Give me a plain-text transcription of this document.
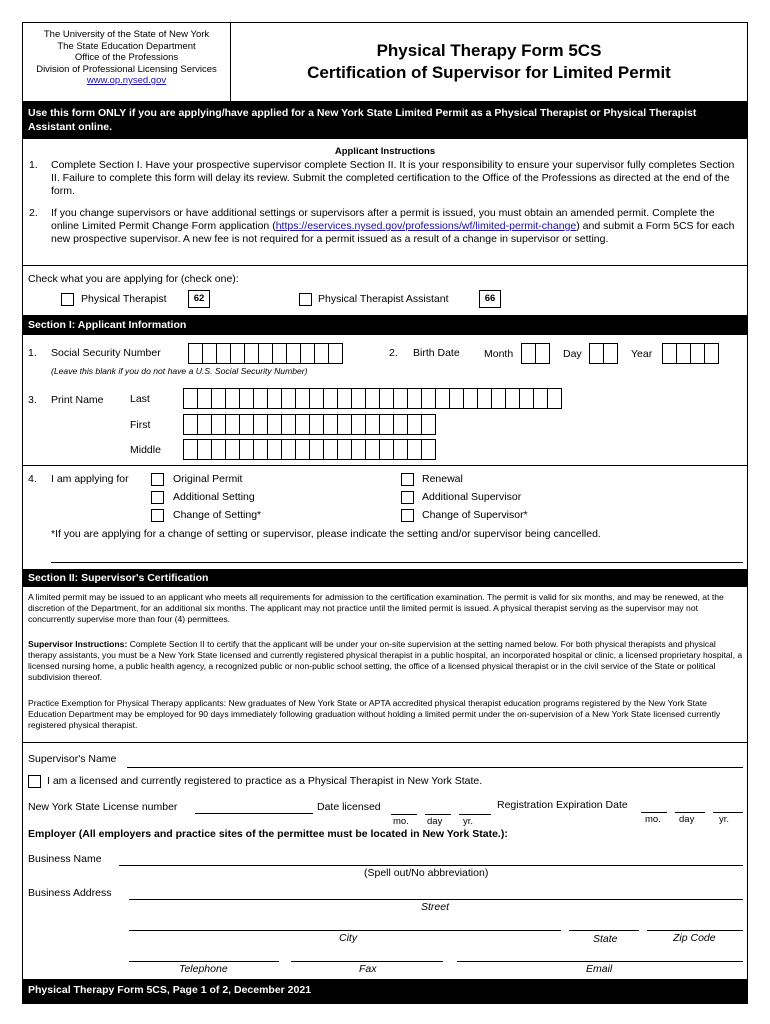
The University of the State of New York
The State Education Department
Office of the Professions
Division of Professional Licensing Services
www.op.nysed.gov
Physical Therapy Form 5CS
Certification of Supervisor for Limited Permit
Use this form ONLY if you are applying/have applied for a New York State Limited Permit as a Physical Therapist or Physical Therapist Assistant online.
Applicant Instructions
1. Complete Section I. Have your prospective supervisor complete Section II. It is your responsibility to ensure your supervisor fully completes Section II. Failure to complete this form will delay its review. Submit the completed certification to the Office of the Professions as directed at the end of the form.
2. If you change supervisors or have additional settings or supervisors after a permit is issued, you must obtain an amended permit. Complete the online Limited Permit Change Form application (https://eservices.nysed.gov/professions/wf/limited-permit-change) and submit a Form 5CS for each new prospective supervisor. A new fee is not required for a permit issued as a result of a change in supervisor or setting.
Check what you are applying for (check one):
Physical Therapist	62	Physical Therapist Assistant	66
Section I: Applicant Information
1. Social Security Number
(Leave this blank if you do not have a U.S. Social Security Number)
2. Birth Date Month	Day	Year
3. Print Name	Last
First
Middle
4. I am applying for	Original Permit
Additional Setting
Change of Setting*
Renewal
Additional Supervisor
Change of Supervisor*
*If you are applying for a change of setting or supervisor, please indicate the setting and/or supervisor being cancelled.
Section II: Supervisor's Certification
A limited permit may be issued to an applicant who meets all requirements for admission to the certification examination. The permit is valid for six months, and may be renewed, at the discretion of the Department, for an additional six months. The applicant may not practice until the limited permit is issued. A physical therapist serving as the supervisor may not concurrently supervise more than four (4) permittees.
Supervisor Instructions: Complete Section II to certify that the applicant will be under your on-site supervision at the setting named below. For both physical therapists and physical therapy assistants, you must be a New York State licensed and currently registered physical therapist in a public hospital, an incorporated hospital or clinic, a licensed proprietary hospital, a licensed nursing home, a public health agency, a recognized public or non-public school setting, the office of a licensed physical therapist or in the civil service of the State or political subdivision thereof.
Practice Exemption for Physical Therapy applicants: New graduates of New York State or APTA accredited physical therapist education programs registered by the New York State Education Department may be employed for 90 days immediately following graduation without holding a limited permit under the on-supervision of a New York State licensed currently registered physical therapist.
Supervisor's Name
I am a licensed and currently registered to practice as a Physical Therapist in New York State.
New York State License number	Date licensed
mo. day yr.
Registration Expiration Date
mo. day	yr.
Employer (All employers and practice sites of the permittee must be located in New York State.):
Business Name
(Spell out/No abbreviation)
Business Address
Street
City	State	Zip Code
Telephone	Fax	Email
Physical Therapy Form 5CS, Page 1 of 2, December 2021
